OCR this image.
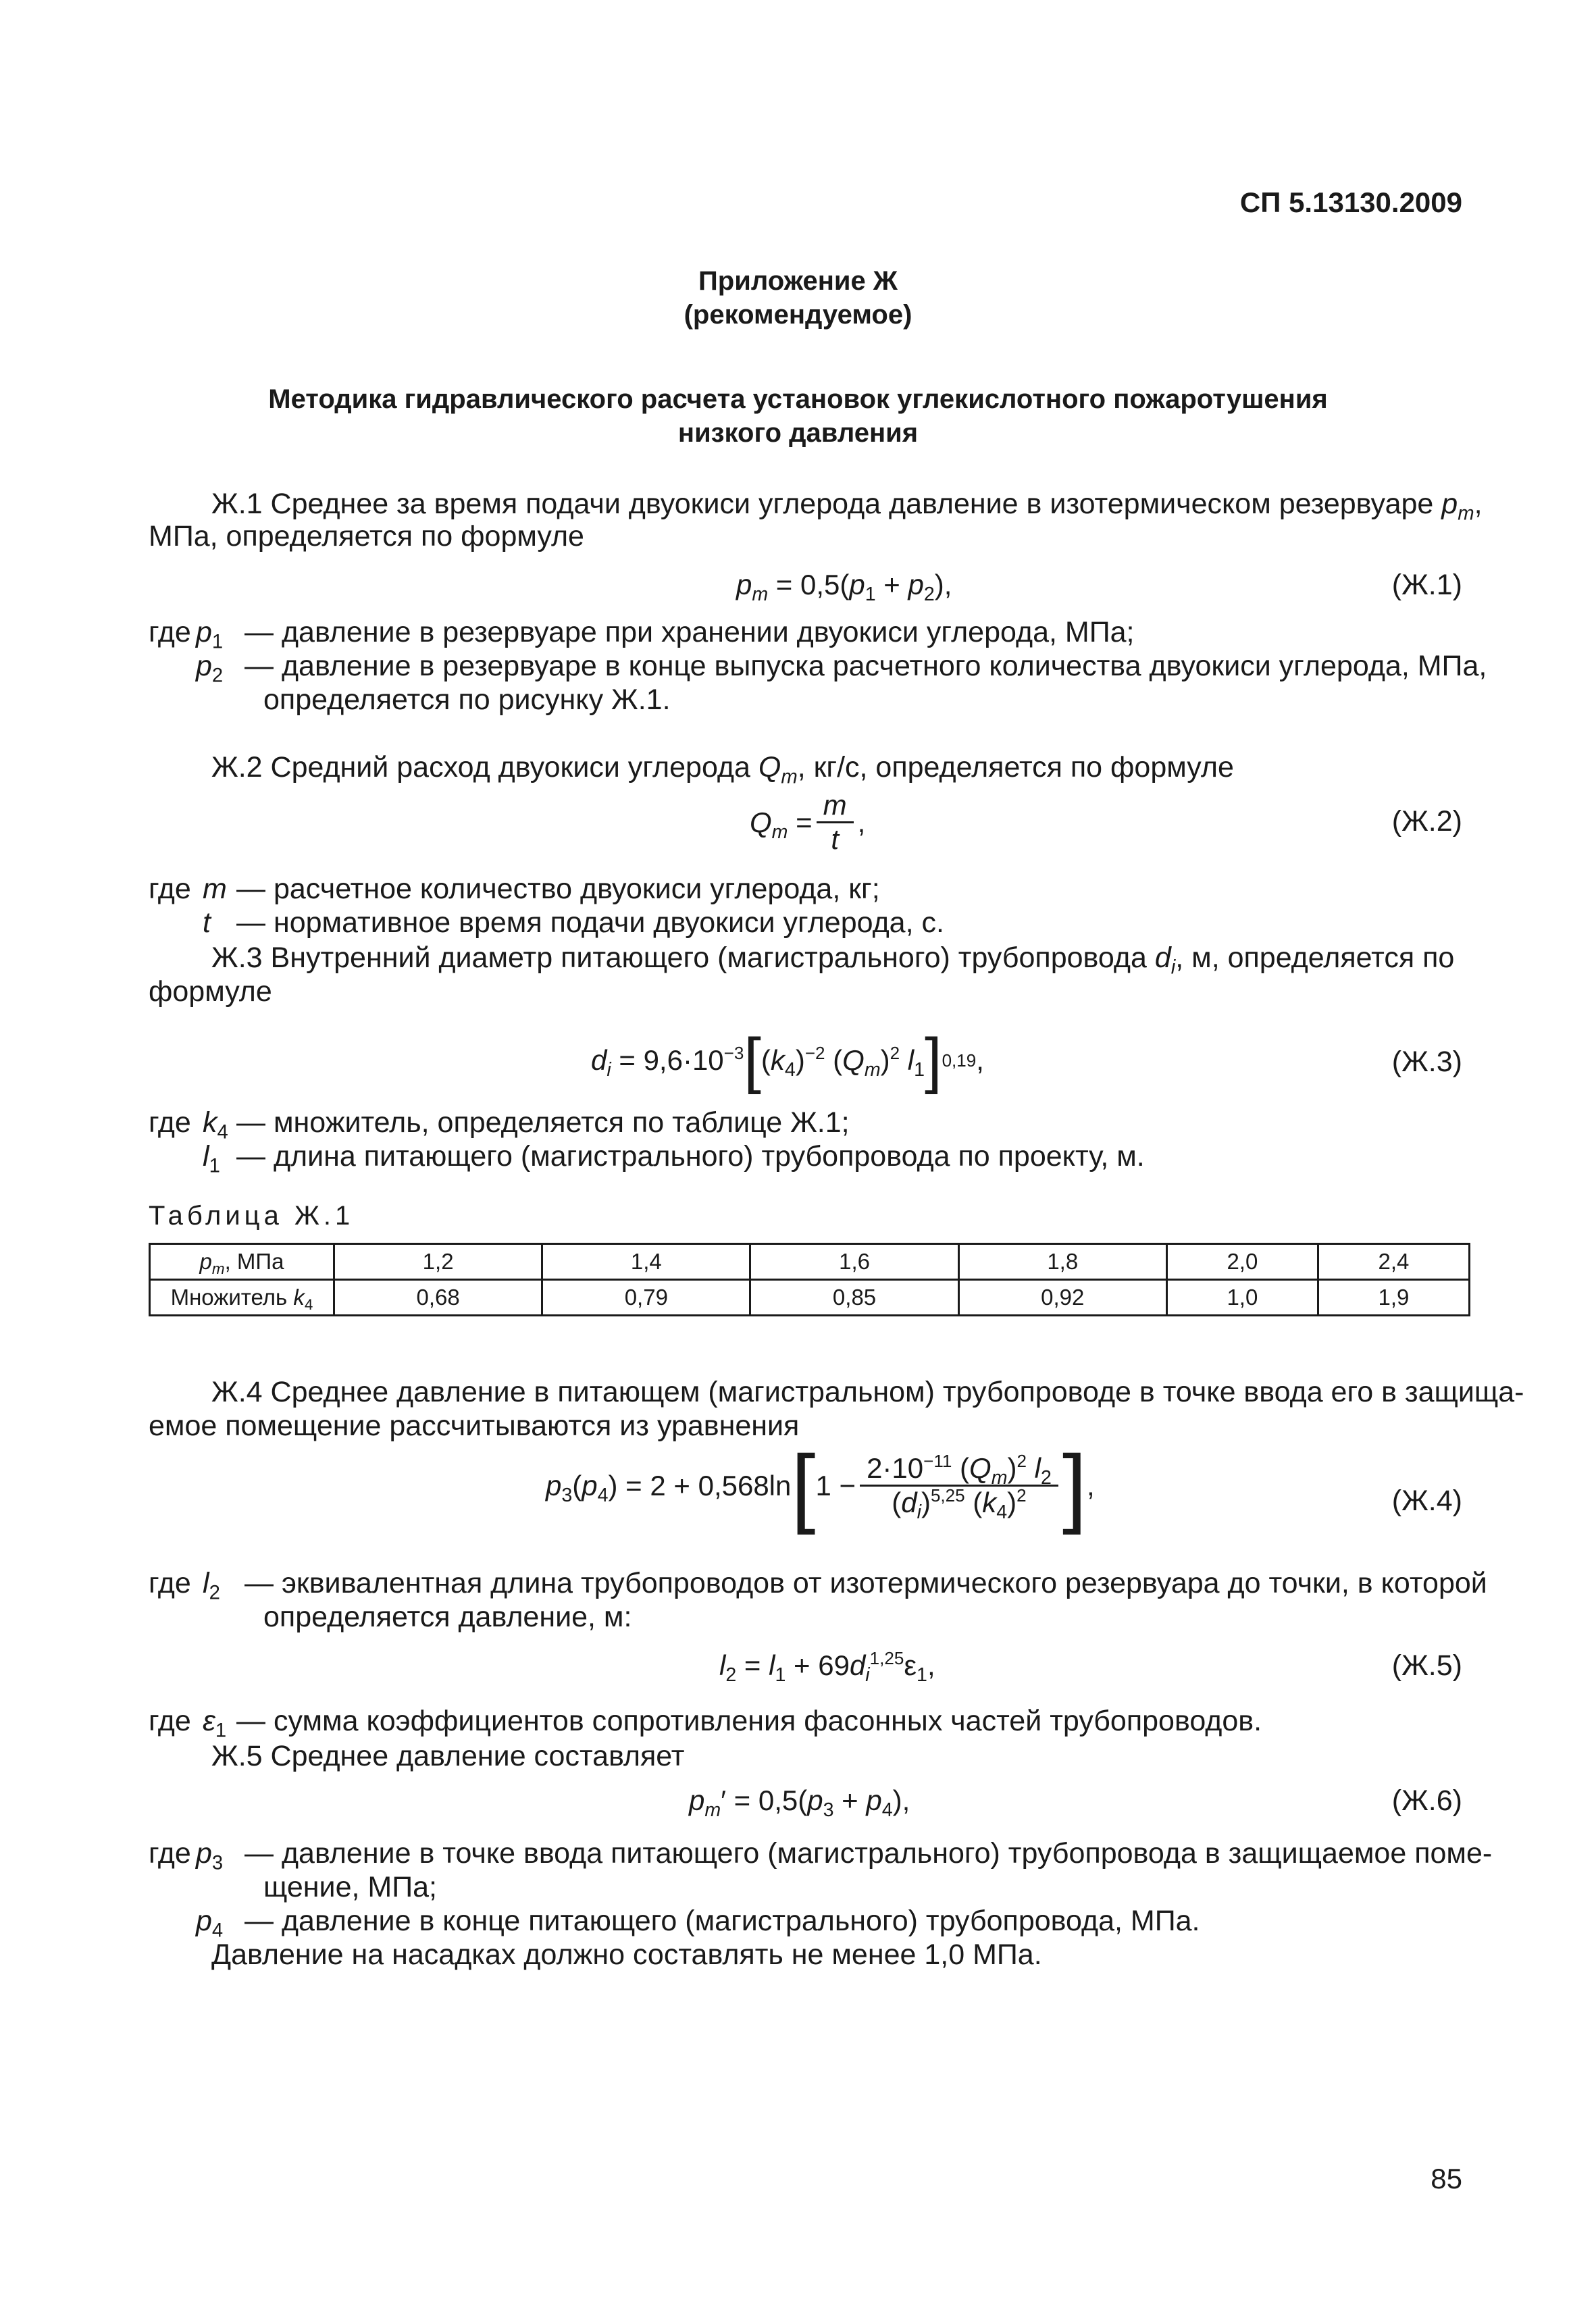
СП 5.13130.2009
Приложение Ж
(рекомендуемое)
Методика гидравлического расчета установок углекислотного пожаротушения
низкого давления
Ж.1 Среднее за время подачи двуокиси углерода давление в изотермическом резервуаре $p_m$,
МПа, определяется по формуле
$p_m = 0,5(p_1 + p_2)$,	(Ж.1)
где $p_1$ — давление в резервуаре при хранении двуокиси углерода, МПа;
$p_2$ — давление в резервуаре в конце выпуска расчетного количества двуокиси углерода, МПа,
определяется по рисунку Ж.1.
Ж.2 Средний расход двуокиси углерода $Q_m$, кг/с, определяется по формуле
$Q_m = \frac{m}{t}$ ,	(Ж.2)
где m — расчетное количество двуокиси углерода, кг;
t — нормативное время подачи двуокиси углерода, с.
Ж.3 Внутренний диаметр питающего (магистрального) трубопровода $d_i$, м, определяется по
формуле
$d_i = 9,6\cdot 10^{-3}$ [ $(k_4)^{-2}$ $(Q_m)^2$ $l_1$ ] 0,19 ,	(Ж.3)
где $k_4$ — множитель, определяется по таблице Ж.1;
$l_1$ — длина питающего (магистрального) трубопровода по проекту, м.
Таблица Ж.1
$p_m$, МПа	1,2	1,4	1,6	1,8	2,0	2,4
Множитель $k_4$	0,68	0,79	0,85	0,92	1,0	1,9
Ж.4 Среднее давление в питающем (магистральном) трубопроводе в точке ввода его в защища-
емое помещение рассчитываются из уравнения
$p_3(p_4) = 2 + 0,568\ln$ [ $1 - \frac{2\cdot 10^{-11} (Q_m)^2 l_2}{(d_i)^{5,25} (k_4)^2}$ ] ,	(Ж.4)
где $l_2$ — эквивалентная длина трубопроводов от изотермического резервуара до точки, в которой
определяется давление, м:
$l_2 = l_1 + 69d_i^{1,25}\varepsilon_1$,	(Ж.5)
где $\varepsilon_1$ — сумма коэффициентов сопротивления фасонных частей трубопроводов.
Ж.5 Среднее давление составляет
$p_m' = 0,5(p_3 + p_4)$,	(Ж.6)
где $p_3$ — давление в точке ввода питающего (магистрального) трубопровода в защищаемое поме-
щение, МПа;
$p_4$ — давление в конце питающего (магистрального) трубопровода, МПа.
Давление на насадках должно составлять не менее 1,0 МПа.
85
